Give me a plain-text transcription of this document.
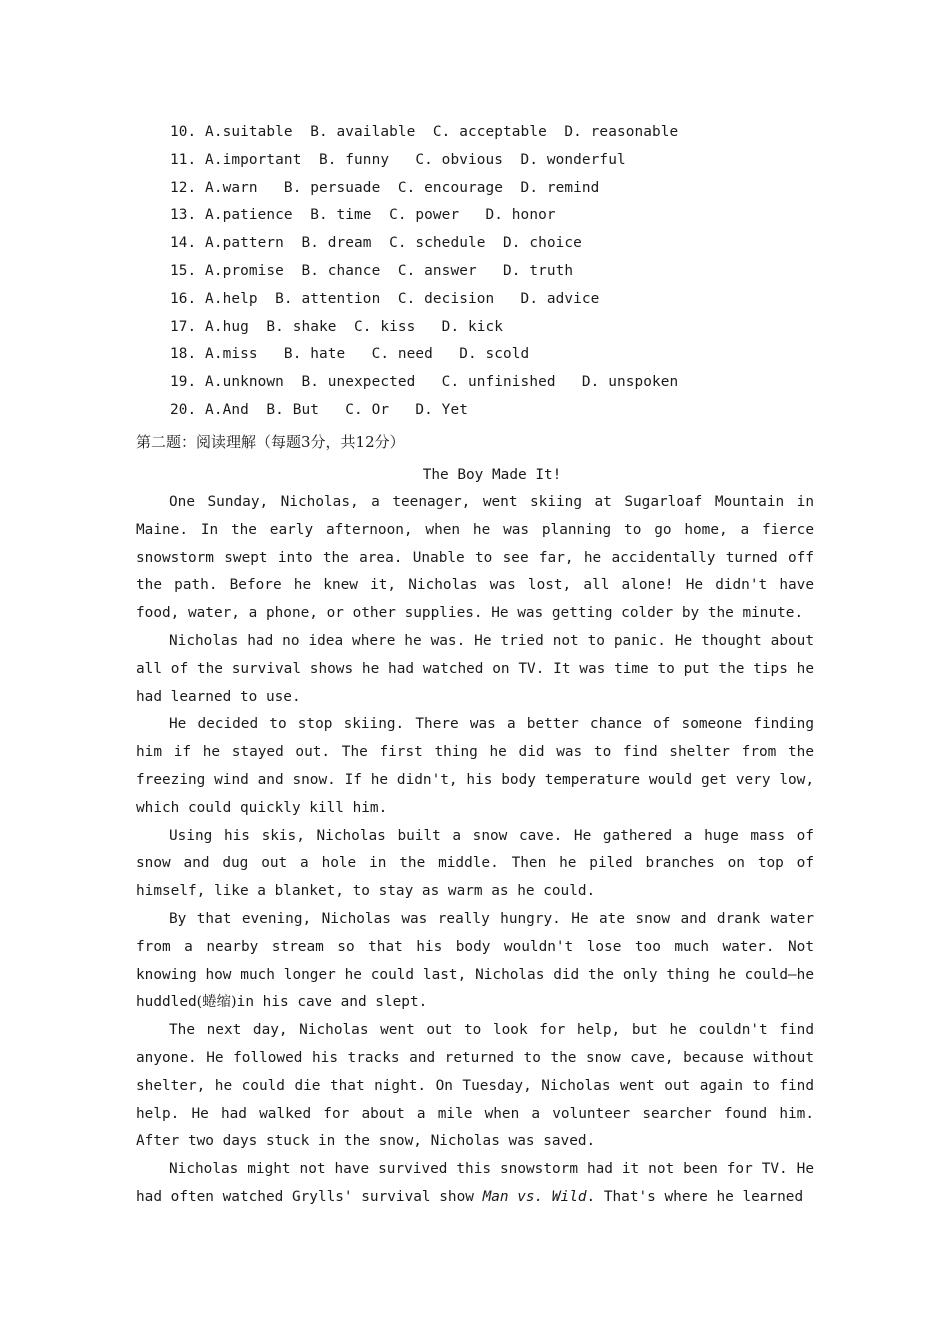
10. A.suitable  B. available  C. acceptable  D. reasonable
11. A.important  B. funny   C. obvious  D. wonderful
12. A.warn   B. persuade  C. encourage  D. remind
13. A.patience  B. time  C. power   D. honor
14. A.pattern  B. dream  C. schedule  D. choice
15. A.promise  B. chance  C. answer   D. truth
16. A.help  B. attention  C. decision   D. advice
17. A.hug  B. shake  C. kiss   D. kick
18. A.miss   B. hate   C. need   D. scold
19. A.unknown  B. unexpected   C. unfinished   D. unspoken
20. A.And  B. But   C. Or   D. Yet
第二题：阅读理解（每题3分，共12分）
The Boy Made It!

One Sunday, Nicholas, a teenager, went skiing at Sugarloaf Mountain in Maine. In the early afternoon, when he was planning to go home, a fierce snowstorm swept into the area. Unable to see far, he accidentally turned off the path. Before he knew it, Nicholas was lost, all alone! He didn't have food, water, a phone, or other supplies. He was getting colder by the minute.

Nicholas had no idea where he was. He tried not to panic. He thought about all of the survival shows he had watched on TV. It was time to put the tips he had learned to use.

He decided to stop skiing. There was a better chance of someone finding him if he stayed out. The first thing he did was to find shelter from the freezing wind and snow. If he didn't, his body temperature would get very low, which could quickly kill him.

Using his skis, Nicholas built a snow cave. He gathered a huge mass of snow and dug out a hole in the middle. Then he piled branches on top of himself, like a blanket, to stay as warm as he could.

By that evening, Nicholas was really hungry. He ate snow and drank water from a nearby stream so that his body wouldn't lose too much water. Not knowing how much longer he could last, Nicholas did the only thing he could—he huddled(蜷缩)in his cave and slept.

The next day, Nicholas went out to look for help, but he couldn't find anyone. He followed his tracks and returned to the snow cave, because without shelter, he could die that night. On Tuesday, Nicholas went out again to find help. He had walked for about a mile when a volunteer searcher found him. After two days stuck in the snow, Nicholas was saved.

Nicholas might not have survived this snowstorm had it not been for TV. He had often watched Grylls' survival show Man vs. Wild. That's where he learned
